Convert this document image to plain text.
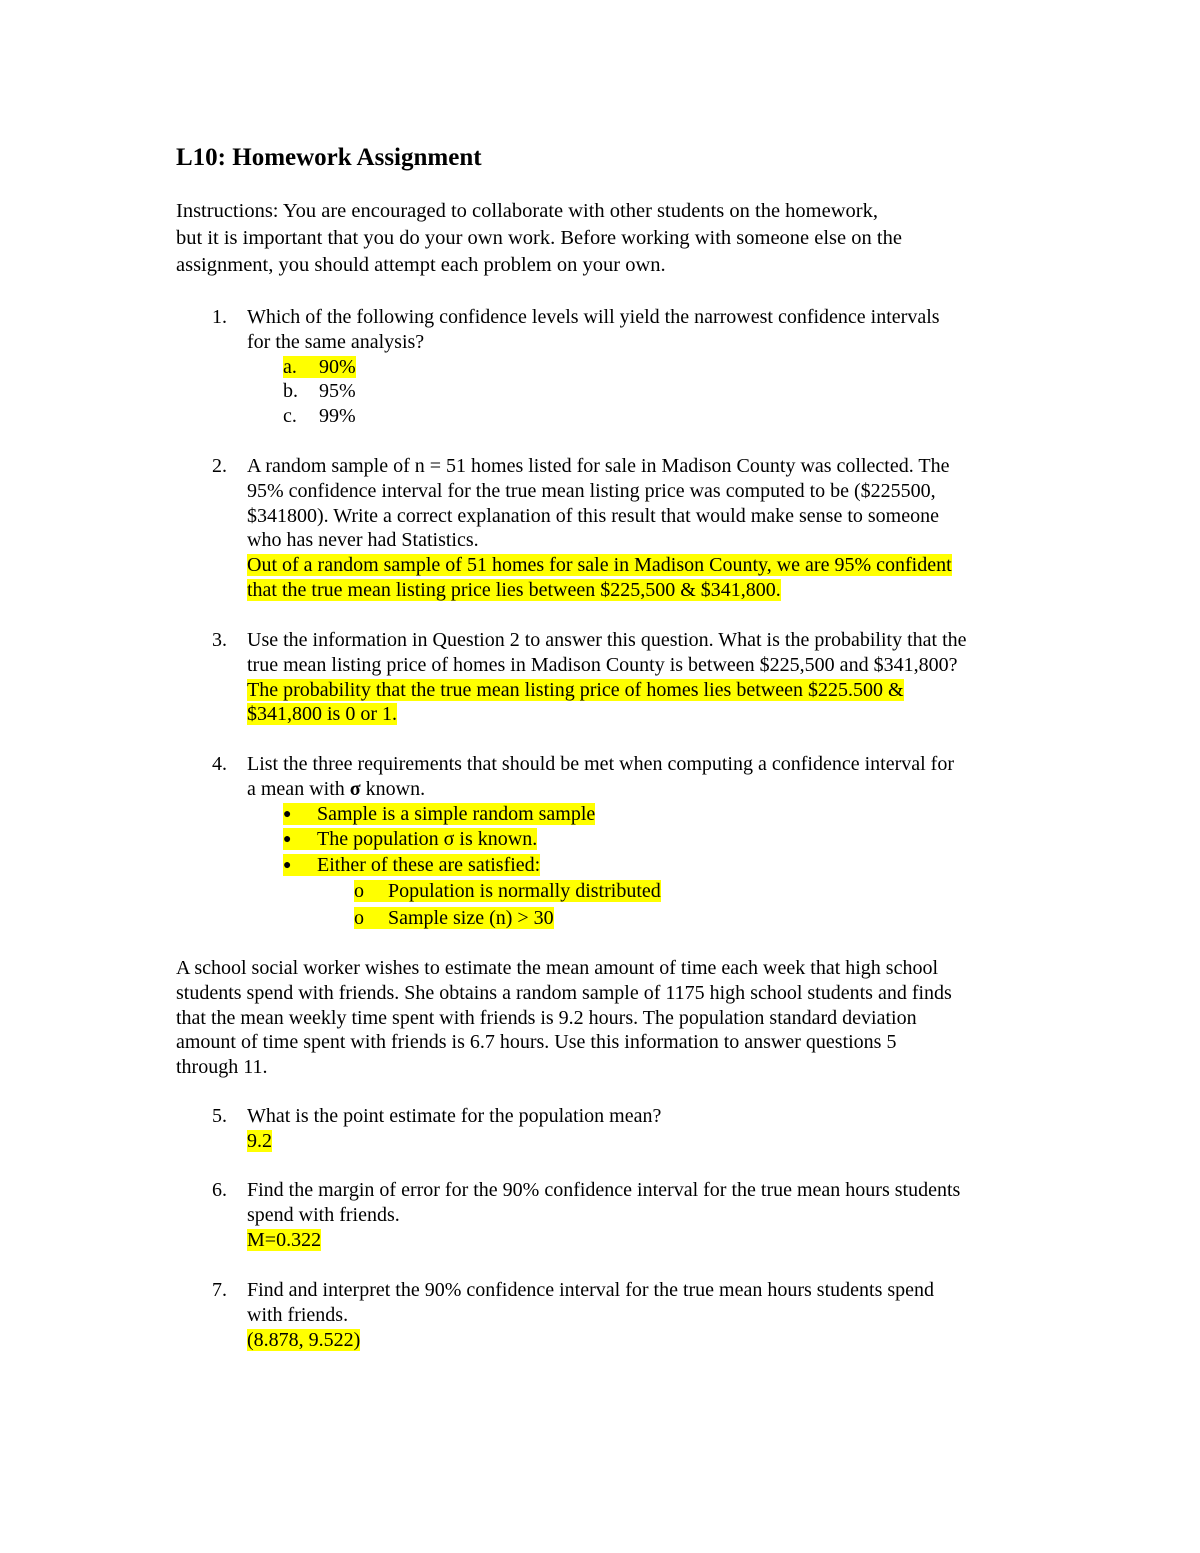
L10: Homework Assignment

Instructions: You are encouraged to collaborate with other students on the homework,
but it is important that you do your own work. Before working with someone else on the
assignment, you should attempt each problem on your own.

1. Which of the following confidence levels will yield the narrowest confidence intervals
for the same analysis?
a. 90%
b. 95%
c. 99%
2. A random sample of n = 51 homes listed for sale in Madison County was collected. The
95% confidence interval for the true mean listing price was computed to be ($225500,
$341800). Write a correct explanation of this result that would make sense to someone
who has never had Statistics.
Out of a random sample of 51 homes for sale in Madison County, we are 95% confident
that the true mean listing price lies between $225,500 & $341,800.
3. Use the information in Question 2 to answer this question. What is the probability that the
true mean listing price of homes in Madison County is between $225,500 and $341,800?
The probability that the true mean listing price of homes lies between $225.500 &
$341,800 is 0 or 1.
4. List the three requirements that should be met when computing a confidence interval for
a mean with σ known.
● Sample is a simple random sample
● The population σ is known.
● Either of these are satisfied:
o Population is normally distributed
o Sample size (n) > 30

A school social worker wishes to estimate the mean amount of time each week that high school
students spend with friends. She obtains a random sample of 1175 high school students and finds
that the mean weekly time spent with friends is 9.2 hours. The population standard deviation
amount of time spent with friends is 6.7 hours. Use this information to answer questions 5
through 11.

5. What is the point estimate for the population mean?
9.2
6. Find the margin of error for the 90% confidence interval for the true mean hours students
spend with friends.
M=0.322
7. Find and interpret the 90% confidence interval for the true mean hours students spend
with friends.
(8.878, 9.522)
